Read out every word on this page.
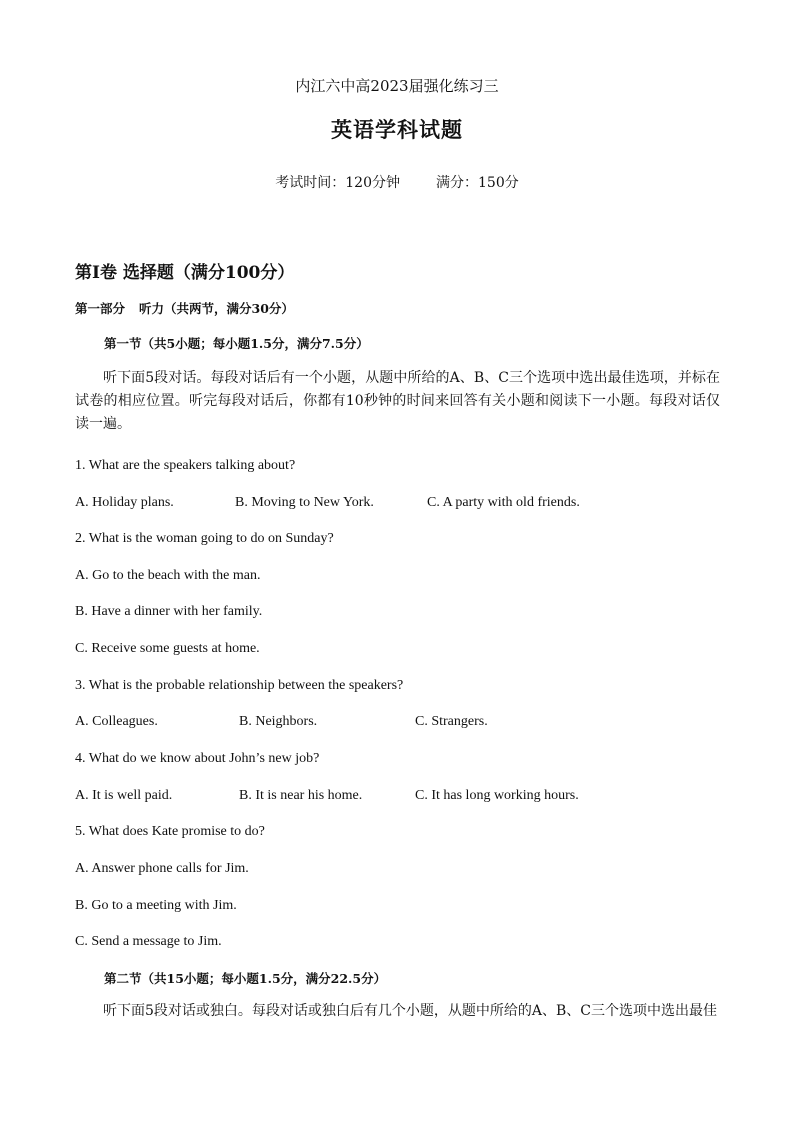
内江六中高2023届强化练习三
英语学科试题
考试时间：120分钟	满分：150分
第Ⅰ卷 选择题（满分100分）
第一部分 听力（共两节，满分30分）
第一节（共5小题；每小题1.5分，满分7.5分）
听下面5段对话。每段对话后有一个小题，从题中所给的A、B、C三个选项中选出最佳选项，并标在试卷的相应位置。听完每段对话后，你都有10秒钟的时间来回答有关小题和阅读下一小题。每段对话仅读一遍。
1. What are the speakers talking about?
A. Holiday plans.	B. Moving to New York.	C. A party with old friends.
2. What is the woman going to do on Sunday?
A. Go to the beach with the man.
B. Have a dinner with her family.
C. Receive some guests at home.
3. What is the probable relationship between the speakers?
A. Colleagues.	B. Neighbors.	C. Strangers.
4. What do we know about John’s new job?
A. It is well paid.	B. It is near his home.	C. It has long working hours.
5. What does Kate promise to do?
A. Answer phone calls for Jim.
B. Go to a meeting with Jim.
C. Send a message to Jim.
第二节（共15小题；每小题1.5分，满分22.5分）
听下面5段对话或独白。每段对话或独白后有几个小题，从题中所给的A、B、C三个选项中选出最佳
